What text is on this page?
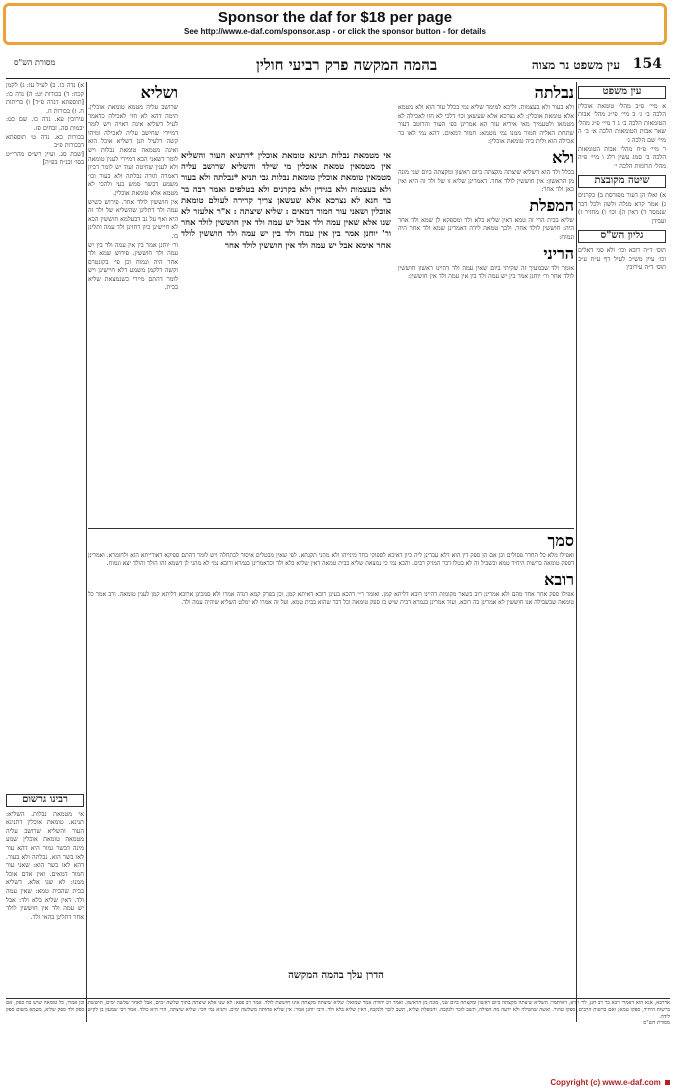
Sponsor the daf for $18 per page
See http://www.e-daf.com/sponsor.asp - or click the sponsor button - for details
מסורת הש"ס	בהמה המקשה פרק רביעי חולין	עין משפט נר מצוה 154
עין משפט
א מיי׳ פ״ב מהל׳ טומאת אוכלין הלכה ב׳ ג׳ ב מיי׳ פי״ג מהל׳ אבות הטומאות הלכה ב׳ ג ד מיי׳ פ״ג מהל׳ שאר אבות הטומאות הלכה א׳ ב׳ ה מיי׳ שם הלכה ג׳
ר מיי׳ פ״ח מהל׳ אבות הטומאות הלכה ב׳ סמג עשין רלג ו מיי׳ פ״ה מהל׳ תרומות הלכה י׳
שיטה מקובצת
א) ואלו הן דעור מפורסת ב) כקרנים ג) אמר קרא מגלה ולשון ולכל דבר שנמסר ד) דאין ה) וכו׳ ו) מחזיר ז) ועבידן
גליון הש"ס
תוס׳ ד״ה רובא וכו׳ ולא סגי דאלים וכו׳ עיין מש״כ לעיל דף ע״ח ע״ב תוס׳ ד״ה עירובין
נבלתה
ולא בעור ולא בעצמות. וליכא למימר שליא נמי בכלל עור הוא ולא מטמא אלא טומאת אוכלין: לא נצרכא אלא שעשאן וכו׳ דלכי לא חזו לאכילה לא מטמאו ולטעמיך מאי איריא עור הא אמרינן בפ׳ העור והרוטב דעור שתחת האליה חמור ממנו נמי מטמא: חמור דמאים. דהא נמי לאו בר אכילה הוא ולית ביה טומאת אוכלין:
ולא
בכלל ולד הוא דשליא שיצתה מקצתה ביום ראשון ומקצתה ביום שני מונה מן הראשון: אין חוששין לולד אחר. דאמרינן שליא זו של ולד זה היא ואין כאן ולד אחר:
המפלת
שליא בבית הרי זה טמא דאין שליא בלא ולד ומספקא לן שמא ולד אחר היה: חוששין לולד אחר. ולכך טמאה לידה דאמרינן שמא ולד אחר היה ונמוח:
הריני
אומר ולד שבמעיך זה שקיתי ביום שאין עמה ולד דהיינו ראשון חוששין לולד אחר ור׳ יוחנן אמר בין יש עמה ולד בין אין עמה ולד אין חוששין:
אי מטמאת נבלות תנינא טומאת אוכלין *דתניא העור והשליא אין מטמאין טמאת אוכלין מי שילד והשליא שרושב עליה מטמאין טומאת אוכלין טומאת נבלות גבי תניא *נבלתה ולא בעור ולא בעצמות ולא בגידין ולא בקרנים ולא בטלפים ואמר רבה בר בר חנא לא נצרכא אלא שעשאן צריך קרירה לעולם טומאת אוכלין ושאני עור חמור דמאים : שליא שיצתה : א"ר אלעזר לא שנו אלא שאין עמה ולד אבל יש עמה ולד אין חוששין לולד אחר ור' יוחנן אמר בין אין עמה ולד בין יש עמה ולד חוששין לולד אחר אימא אבל יש עמה ולד אין חוששין לולד אחר
ושליא
שרושב עליה מטמא טומאת אוכלין. תימה דהא לא חזי לאכילה כדאמר לעיל דשליא אינה ראויה ויש לומר דמיירי שחישב עליה לאכילה ומיהו קשה דלעיל תנן דשליא אוכל הוא ואינה מטמאה טומאת נבלות ויש לומר דשאני הכא דמיירי לענין טומאה ולא לענין שחיטה ועוד יש לומר דכיון דאמרה תורה נבלתה ולא בעור וכו׳ משמע דבשר ממש בעי ולהכי לא מטמא אלא טומאת אוכלין.
אין חוששין לולד אחר. פירוש כשיש עמה ולד דתלינן שהשליא של ולד זה היא ואף על גב דבעלמא חוששין הכא לא חיישינן כיון דחזינן ולד עמה ותלינן בו.
ור׳ יוחנן אמר בין אין עמה ולד בין יש עמה ולד חוששין. פירוש שמא ולד אחר היה ונמוח וכן פי׳ בקונטרס וקשה דלקמן משמע דלא חיישינן ויש לומר דהתם מיירי כשנמצאת שליא בבית.
א) נדה כו. ב) לעיל עז: ג) לקמן קכח: ד) בכורות יט: ה) נדה כו: [תוספתא דנדה פ״ד] ו) כריתות ח. ז) בכורות ח.
עירובין עא. נדה כז. שם כט: יבמות סה. זבחים פז.
בכורות כא. נדה ט׳ תוספתא דבכורות פ״ב
[שבת סג. ועיין רש״ס מהרי״ט בסו׳ ובנ״ח בפ״ה]
סמך
ואפילו מלא כל החדר פסולים וכן אם הן ספק דין הוא דלא עבדינן ליה כיון דאיכא לספוקי בחד מינייהו ולא מהני תקנתא. לפי שאין מבטלים איסור לכתחלה ויש לומר דהתם ספיקא דאורייתא הוא ולחומרא. ואמרינן דספק טומאה ברשות היחיד טמא ובשביל זה לא בטלו דבר המזיק רבים. והכא נמי כי נמצאת שליא בבית טמאה דאין שליא בלא ולד וכדאמרינן בגמרא ורובא נמי לא מהני לן דשמא זהו הולד והולד יצא ונמוח.
רובא
אפילו ספק אחר אחד מהם ולא אמרינן רוב כשאר מקומות דהיינו רובא דליתא קמן. ואומר ר״י דהכא בעינן רובא דאיתא קמן. וכן בפרק קמא דנדה אמרו ולא סמכינן ארובא דליתא קמן לענין טומאה. ורב אמר כל טומאה שבשבילה אנו חוששין לא אמרינן בה רובא. ועוד אמרינן בגמרא דבית שיש בו ספק טומאה וכל דבר שהוא בבית טמא. ועל זה אמרו לא ימלט השליא שיהיה עמה ולד.
הדרן עלך בהמה המקשה
רבינו גרשום
אי מטמאת נבלות. השליא: תנינא. טומאת אוכלין דתנינא העור והשליא שרושב עליה מטמאה טומאת אוכלין שמע מינה דבשר גמור היא דהא עור לאו בשר הוא. נבלתה ולא בעור. דהא לאו בשר הוא: שאני עור חמור דמאים. ואין אדם אוכל ממנו: לא שנו אלא. דשליא בבית שהבית טמא: שאין עמה ולד. דאין שליא בלא ולד: אבל יש עמה ולד אין חוששין לולד אחר דתלינן בהאי ולד.
אדרבא, אנא הוא דאמרי רבא בר רב חנן, לר׳ זירא, דאיתמר: השליא שיצתה מקצתה ביום ראשון ומקצתה ביום שני, מונה מן הראשון. ואמר רב יהודה אמר שמואל: שליא שיצתה מקצתה אינו חוששת לולד. אמר רב פפא: לא שנו אלא שיצתה בתוך שלשה ימים, אבל לאחר שלשה ימים, חוששת. וכן אמרו, כל טומאה שיש בה ספק, אם ברשות היחיד, ספקו טמא; ואם ברשות הרבים, ספקו טהור. ואשה שהפילה ולא ידעה מה הפילה, תשב לזכר ולנקבה. והמפלת שליא, תשב לזכר ולנקבה, דאין שליא בלא ולד. ורבי יוחנן אמר: אין שליא פחותה משלשה ימים. ותניא נמי הכי: שליא שיצתה, הרי היא כולד. אמר רבי שמעון בן לקיש, ספק ולד ספק שליא, מטמא משום ספק לידה.
מסורת הש"ס
Copyright (c) www.e-daf.com
